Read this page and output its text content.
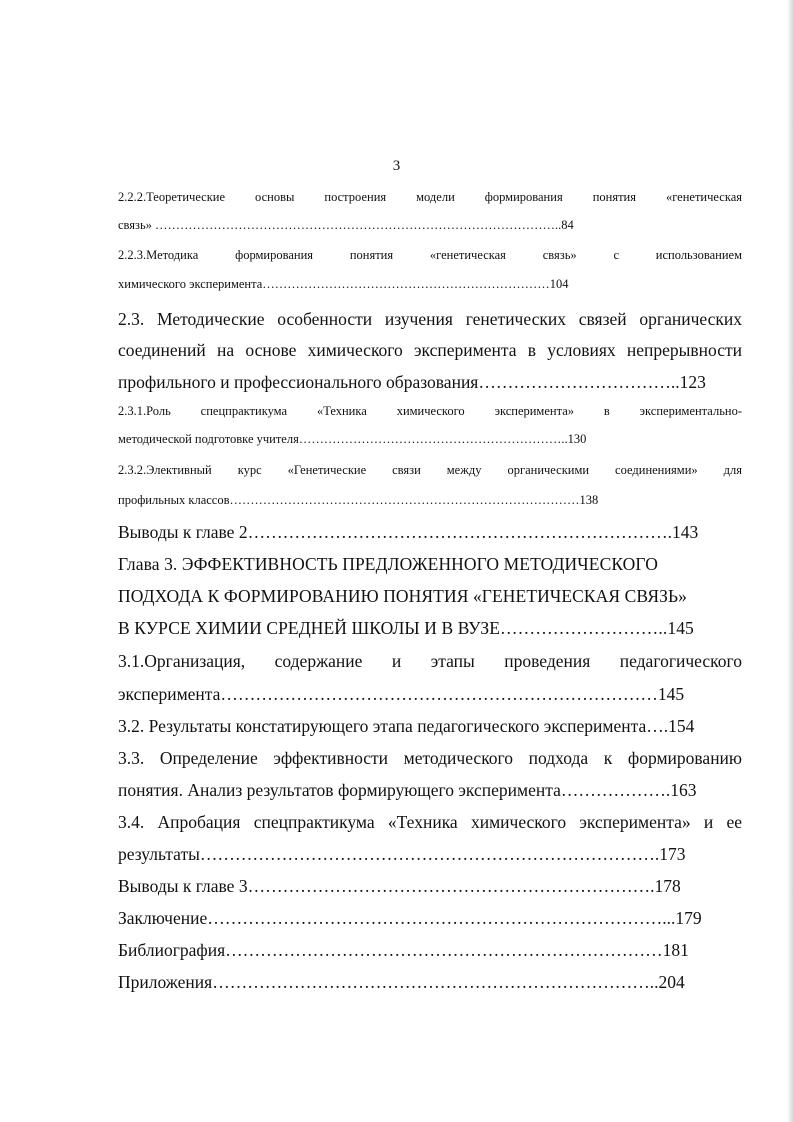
3
2.2.2.Теоретические основы построения модели формирования понятия «генетическая
связь» ……………………………………………………………………………………..84
2.2.3.Методика формирования понятия «генетическая связь» с использованием
химического эксперимента……………………………………………………………104
2.3. Методические особенности изучения генетических связей органических
соединений на основе химического эксперимента в условиях непрерывности
профильного и профессионального образования……………………………..123
2.3.1.Роль спецпрактикума «Техника химического эксперимента» в экспериментально-
методической подготовке учителя………………………………………………………..130
2.3.2.Элективный курс «Генетические связи между органическими соединениями» для
профильных классов…………………………………………………………………………138
Выводы к главе 2……………………………………………………………….143
Глава 3. ЭФФЕКТИВНОСТЬ ПРЕДЛОЖЕННОГО МЕТОДИЧЕСКОГО
ПОДХОДА К ФОРМИРОВАНИЮ ПОНЯТИЯ «ГЕНЕТИЧЕСКАЯ СВЯЗЬ»
В КУРСЕ ХИМИИ СРЕДНЕЙ ШКОЛЫ И В ВУЗЕ………………………..145
3.1.Организация, содержание и этапы проведения педагогического
эксперимента…………………………………………………………………145
3.2. Результаты констатирующего этапа педагогического эксперимента….154
3.3. Определение эффективности методического подхода к формированию
понятия. Анализ результатов формирующего эксперимента……………….163
3.4. Апробация спецпрактикума «Техника химического эксперимента» и ее
результаты…………………………………………………………………….173
Выводы к главе 3…………………………………………………………….178
Заключение……………………………………………………………………...179
Библиография…………………………………………………………………181
Приложения…………………………………………………………………..204
